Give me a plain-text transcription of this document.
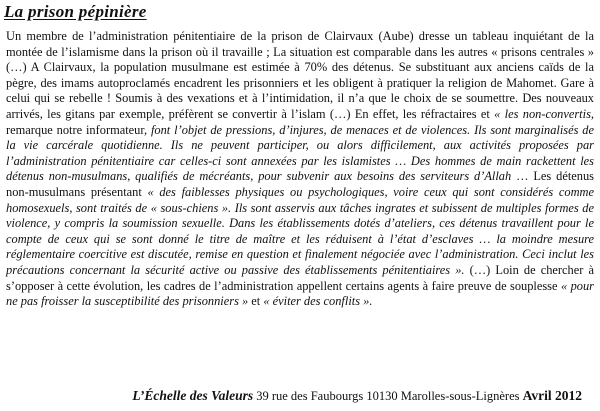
La prison pépinière

Un membre de l’administration pénitentiaire de la prison de Clairvaux (Aube) dresse un tableau inquiétant de la montée de l’islamisme dans la prison où il travaille ; La situation est comparable dans les autres « prisons centrales » (…) A Clairvaux, la population musulmane est estimée à 70% des détenus. Se substituant aux anciens caïds de la pègre, des imams autoproclamés encadrent les prisonniers et les obligent à pratiquer la religion de Mahomet. Gare à celui qui se rebelle ! Soumis à des vexations et à l’intimidation, il n’a que le choix de se soumettre. Des nouveaux arrivés, les gitans par exemple, préfèrent se convertir à l’islam (…) En effet, les réfractaires et « les non-convertis, remarque notre informateur, font l’objet de pressions, d’injures, de menaces et de violences. Ils sont marginalisés de la vie carcérale quotidienne. Ils ne peuvent participer, ou alors difficilement, aux activités proposées par l’administration pénitentiaire car celles-ci sont annexées par les islamistes … Des hommes de main rackettent les détenus non-musulmans, qualifiés de mécréants, pour subvenir aux besoins des serviteurs d’Allah … Les détenus non-musulmans présentant « des faiblesses physiques ou psychologiques, voire ceux qui sont considérés comme homosexuels, sont traités de « sous-chiens ». Ils sont asservis aux tâches ingrates et subissent de multiples formes de violence, y compris la soumission sexuelle. Dans les établissements dotés d’ateliers, ces détenus travaillent pour le compte de ceux qui se sont donné le titre de maître et les réduisent à l’état d’esclaves … la moindre mesure réglementaire coercitive est discutée, remise en question et finalement négociée avec l’administration. Ceci inclut les précautions concernant la sécurité active ou passive des établissements pénitentiaires ». (…) Loin de chercher à s’opposer à cette évolution, les cadres de l’administration appellent certains agents à faire preuve de souplesse « pour ne pas froisser la susceptibilité des prisonniers » et « éviter des conflits ».

L’Échelle des Valeurs 39 rue des Faubourgs 10130 Marolles-sous-Lignères Avril 2012
